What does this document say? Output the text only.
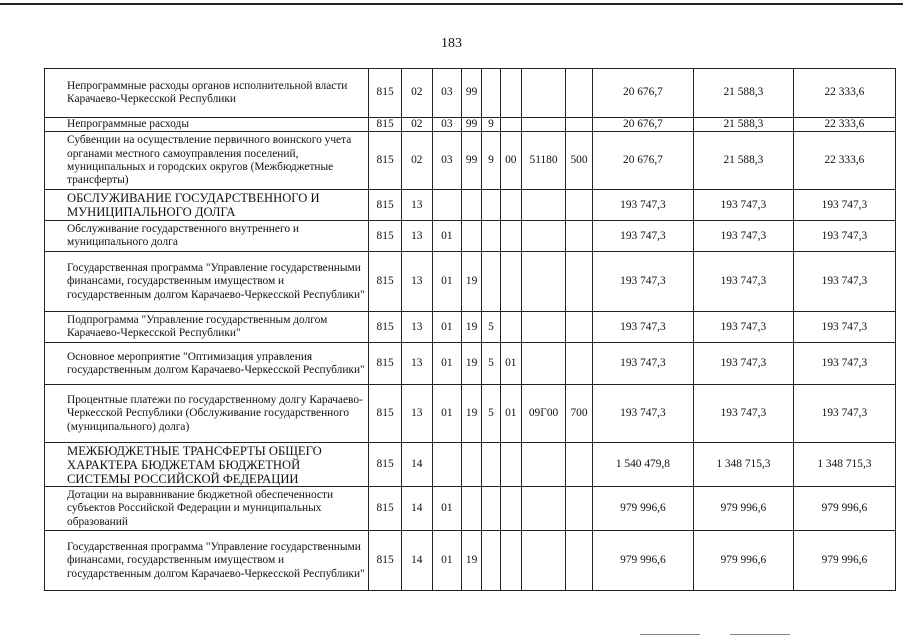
183
Непрограммные расходы органов исполнительной власти Карачаево-Черкесской Республики	815	02	03	99					20 676,7	21 588,3	22 333,6
Непрограммные расходы	815	02	03	99	9				20 676,7	21 588,3	22 333,6
Субвенции на осуществление первичного воинского учета органами местного самоуправления поселений, муниципальных и городских округов (Межбюджетные трансферты)	815	02	03	99	9	00	51180	500	20 676,7	21 588,3	22 333,6
ОБСЛУЖИВАНИЕ ГОСУДАРСТВЕННОГО И МУНИЦИПАЛЬНОГО ДОЛГА	815	13							193 747,3	193 747,3	193 747,3
Обслуживание государственного внутреннего и муниципального долга	815	13	01						193 747,3	193 747,3	193 747,3
Государственная программа "Управление государственными финансами, государственным имуществом и государственным долгом Карачаево-Черкесской Республики"	815	13	01	19					193 747,3	193 747,3	193 747,3
Подпрограмма "Управление государственным долгом Карачаево-Черкесской Республики"	815	13	01	19	5				193 747,3	193 747,3	193 747,3
Основное мероприятие "Оптимизация управления государственным долгом Карачаево-Черкесской Республики"	815	13	01	19	5	01			193 747,3	193 747,3	193 747,3
Процентные платежи по государственному долгу Карачаево-Черкесской Республики (Обслуживание государственного (муниципального) долга)	815	13	01	19	5	01	09Г00	700	193 747,3	193 747,3	193 747,3
МЕЖБЮДЖЕТНЫЕ ТРАНСФЕРТЫ ОБЩЕГО ХАРАКТЕРА БЮДЖЕТАМ БЮДЖЕТНОЙ СИСТЕМЫ РОССИЙСКОЙ ФЕДЕРАЦИИ	815	14							1 540 479,8	1 348 715,3	1 348 715,3
Дотации на выравнивание бюджетной обеспеченности субъектов Российской Федерации и муниципальных образований	815	14	01						979 996,6	979 996,6	979 996,6
Государственная программа "Управление государственными финансами, государственным имуществом и государственным долгом Карачаево-Черкесской Республики"	815	14	01	19					979 996,6	979 996,6	979 996,6
